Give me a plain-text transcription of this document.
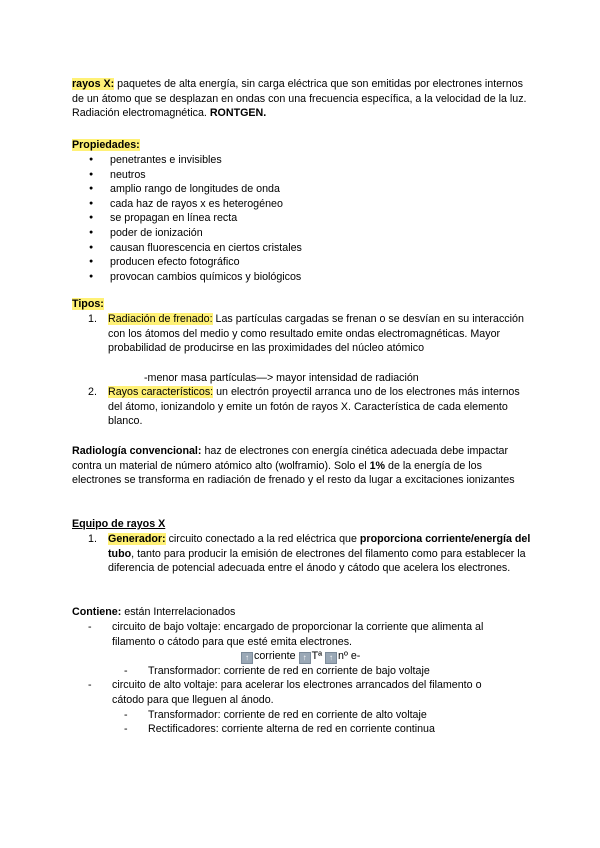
rayos X: paquetes de alta energía, sin carga eléctrica que son emitidas por electrones internos de un átomo que se desplazan en ondas con una frecuencia específica, a la velocidad de la luz. Radiación electromagnética. RONTGEN.

Propiedades:

● penetrantes e invisibles
● neutros
● amplio rango de longitudes de onda
● cada haz de rayos x es heterogéneo
● se propagan en línea recta
● poder de ionización
● causan fluorescencia en ciertos cristales
● producen efecto fotográfico
● provocan cambios químicos y biológicos

Tipos:

1. Radiación de frenado: Las partículas cargadas se frenan o se desvían en su interacción con los átomos del medio y como resultado emite ondas electromagnéticas. Mayor probabilidad de producirse en las proximidades del núcleo atómico
-menor masa partículas—> mayor intensidad de radiación
2. Rayos característicos: un electrón proyectil arranca uno de los electrones más internos del átomo, ionizandolo y emite un fotón de rayos X. Característica de cada elemento blanco.

Radiología convencional: haz de electrones con energía cinética adecuada debe impactar contra un material de número atómico alto (wolframio). Solo el 1% de la energía de los electrones se transforma en radiación de frenado y el resto da lugar a excitaciones ionizantes

Equipo de rayos X

1. Generador: circuito conectado a la red eléctrica que proporciona corriente/energía del tubo, tanto para producir la emisión de electrones del filamento como para establecer la diferencia de potencial adecuada entre el ánodo y cátodo que acelera los electrones.

Contiene: están Interrelacionados

- circuito de bajo voltaje: encargado de proporcionar la corriente que alimenta al filamento o cátodo para que esté emita electrones.
↑ corriente ↑ Tª ↑ nº e-
- Transformador: corriente de red en corriente de bajo voltaje
- circuito de alto voltaje: para acelerar los electrones arrancados del filamento o cátodo para que lleguen al ánodo.
- Transformador: corriente de red en corriente de alto voltaje
- Rectificadores: corriente alterna de red en corriente continua
